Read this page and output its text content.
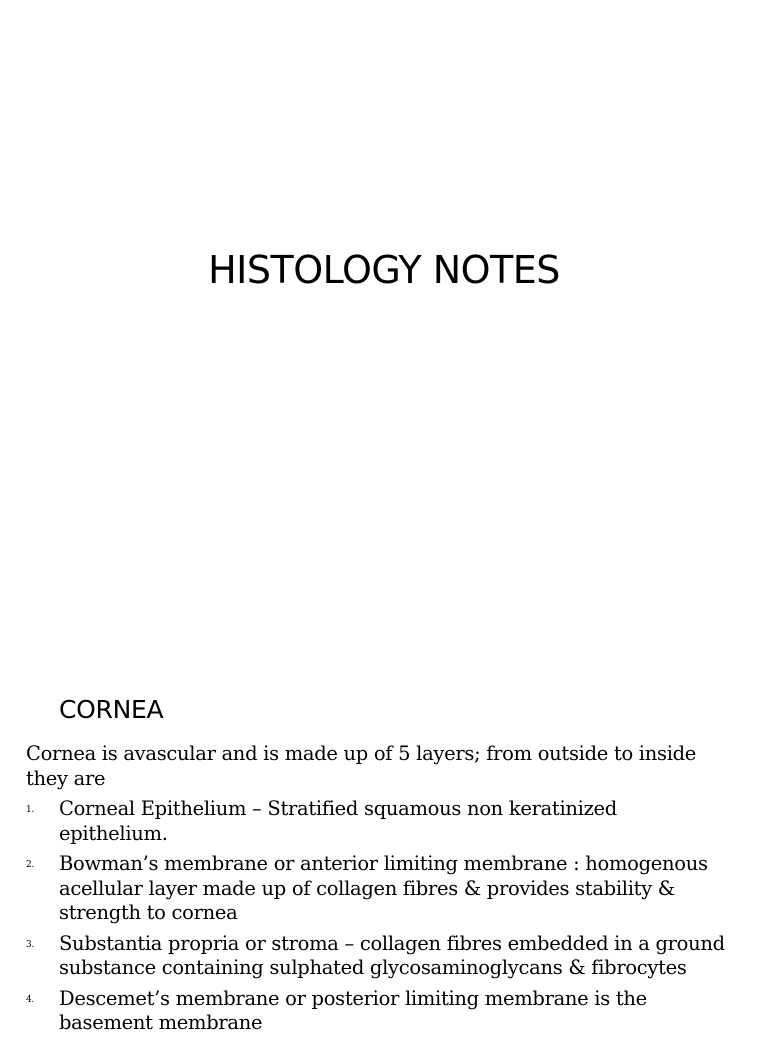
HISTOLOGY NOTES
CORNEA

Cornea is avascular and is made up of 5 layers; from outside to inside they are

1. Corneal Epithelium – Stratified squamous non keratinized epithelium.
2. Bowman’s membrane or anterior limiting membrane : homogenous acellular layer made up of collagen fibres & provides stability & strength to cornea
3. Substantia propria or stroma – collagen fibres embedded in a ground substance containing sulphated glycosaminoglycans & fibrocytes
4. Descemet’s membrane or posterior limiting membrane is the basement membrane
